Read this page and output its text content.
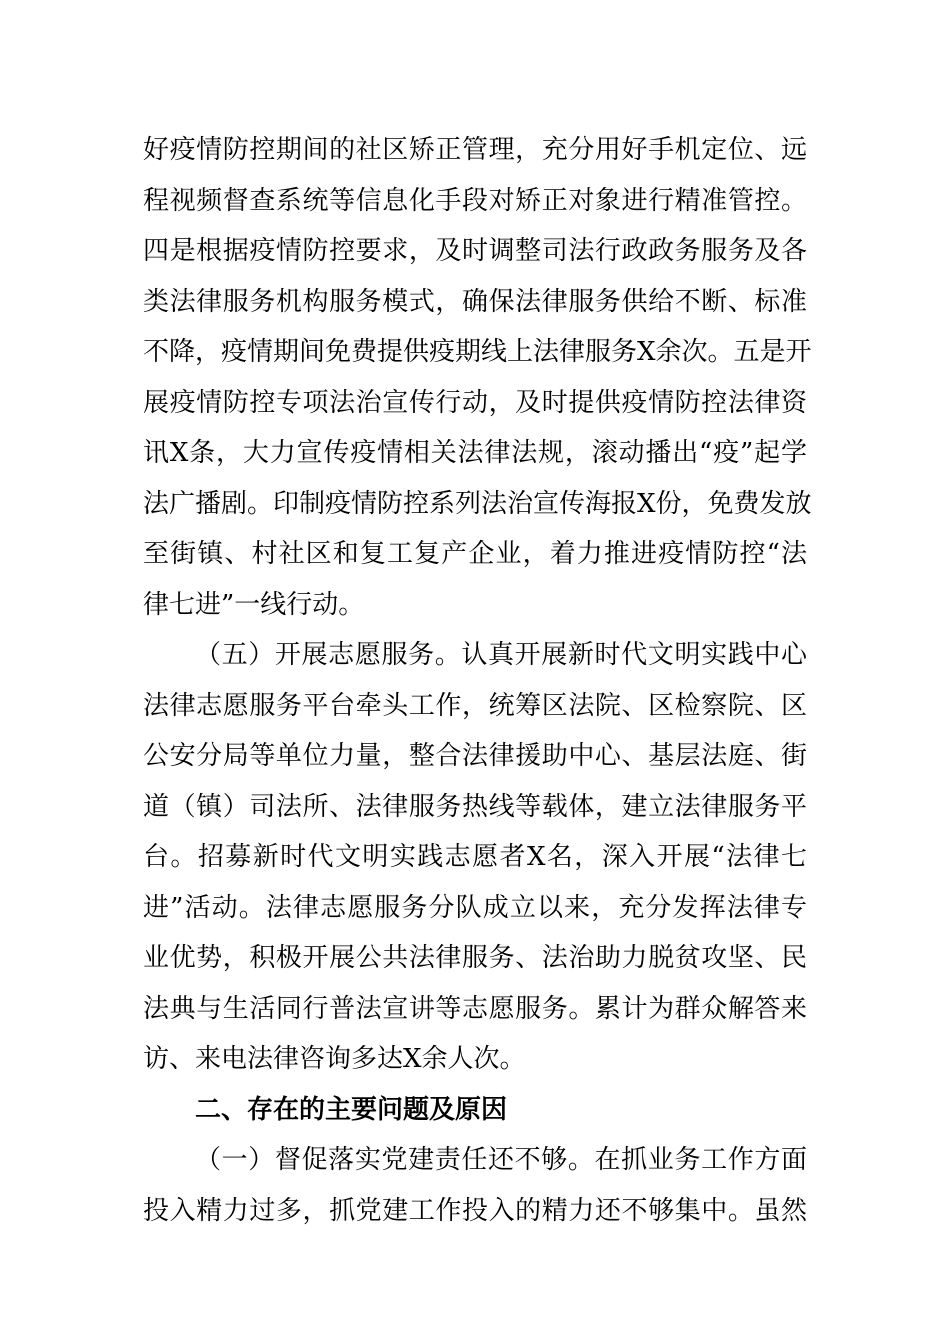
好疫情防控期间的社区矫正管理，充分用好手机定位、远
程视频督查系统等信息化手段对矫正对象进行精准管控。
四是根据疫情防控要求，及时调整司法行政政务服务及各
类法律服务机构服务模式，确保法律服务供给不断、标准
不降，疫情期间免费提供疫期线上法律服务X余次。五是开
展疫情防控专项法治宣传行动，及时提供疫情防控法律资
讯X条，大力宣传疫情相关法律法规，滚动播出“疫”起学
法广播剧。印制疫情防控系列法治宣传海报X份，免费发放
至街镇、村社区和复工复产企业，着力推进疫情防控“法
律七进”一线行动。
（五）开展志愿服务。认真开展新时代文明实践中心
法律志愿服务平台牵头工作，统筹区法院、区检察院、区
公安分局等单位力量，整合法律援助中心、基层法庭、街
道（镇）司法所、法律服务热线等载体，建立法律服务平
台。招募新时代文明实践志愿者X名，深入开展“法律七
进”活动。法律志愿服务分队成立以来，充分发挥法律专
业优势，积极开展公共法律服务、法治助力脱贫攻坚、民
法典与生活同行普法宣讲等志愿服务。累计为群众解答来
访、来电法律咨询多达X余人次。
二、存在的主要问题及原因
（一）督促落实党建责任还不够。在抓业务工作方面
投入精力过多，抓党建工作投入的精力还不够集中。虽然
